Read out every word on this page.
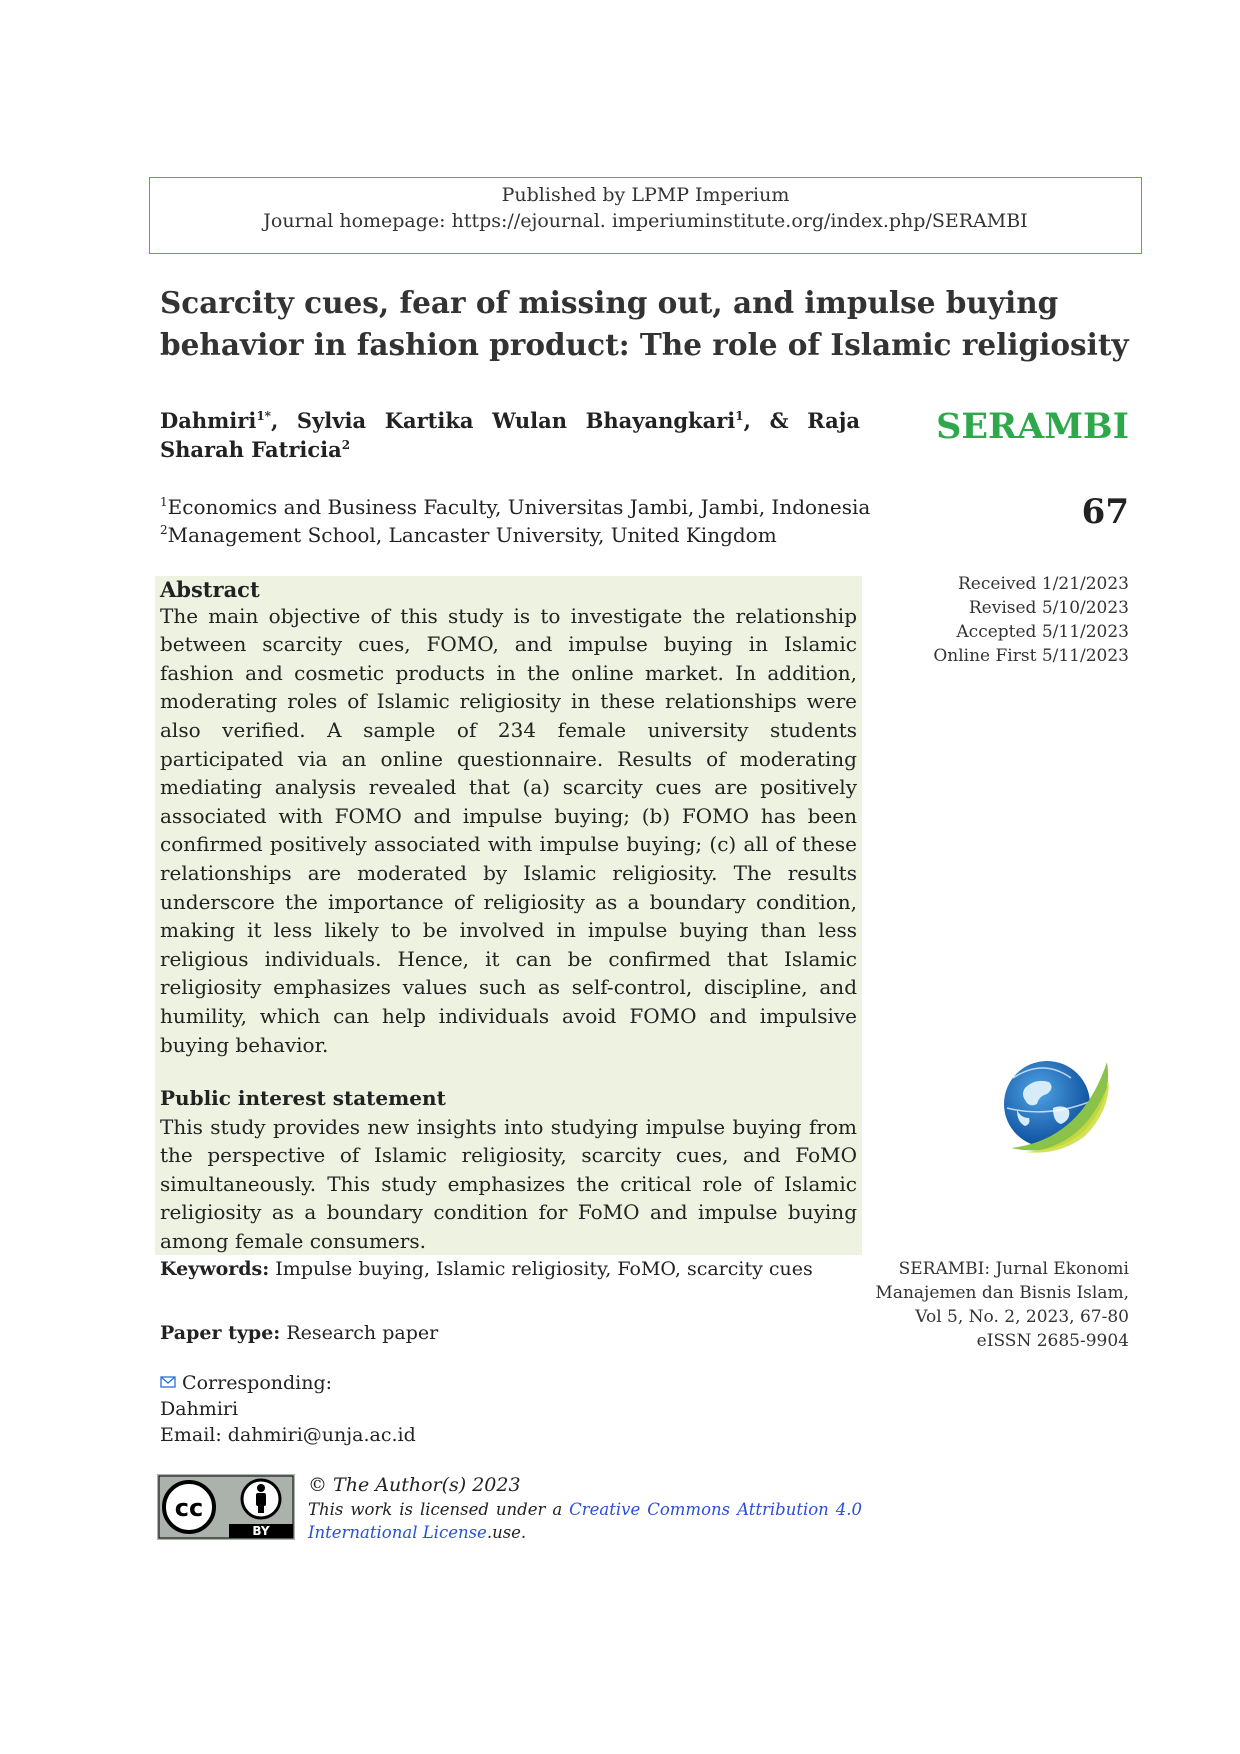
Published by LPMP Imperium
Journal homepage: https://ejournal. imperiuminstitute.org/index.php/SERAMBI
Scarcity cues, fear of missing out, and impulse buying behavior in fashion product: The role of Islamic religiosity
Dahmiri$^{1*}$, Sylvia Kartika Wulan Bhayangkari$^1$, & Raja
Sharah Fatricia$^2$
$^1$Economics and Business Faculty, Universitas Jambi, Jambi, Indonesia
$^2$Management School, Lancaster University, United Kingdom
SERAMBI
67
Received 1/21/2023
Revised 5/10/2023
Accepted 5/11/2023
Online First 5/11/2023
Abstract
The main objective of this study is to investigate the relationship between scarcity cues, FOMO, and impulse buying in Islamic fashion and cosmetic products in the online market. In addition, moderating roles of Islamic religiosity in these relationships were also verified. A sample of 234 female university students participated via an online questionnaire. Results of moderating mediating analysis revealed that (a) scarcity cues are positively associated with FOMO and impulse buying; (b) FOMO has been confirmed positively associated with impulse buying; (c) all of these relationships are moderated by Islamic religiosity. The results underscore the importance of religiosity as a boundary condition, making it less likely to be involved in impulse buying than less religious individuals. Hence, it can be confirmed that Islamic religiosity emphasizes values such as self-control, discipline, and humility, which can help individuals avoid FOMO and impulsive buying behavior.
Public interest statement
This study provides new insights into studying impulse buying from the perspective of Islamic religiosity, scarcity cues, and FoMO simultaneously. This study emphasizes the critical role of Islamic religiosity as a boundary condition for FoMO and impulse buying among female consumers.
SERAMBI: Jurnal Ekonomi
Manajemen dan Bisnis Islam,
Vol 5, No. 2, 2023, 67-80
eISSN 2685-9904
Keywords: Impulse buying, Islamic religiosity, FoMO, scarcity cues
Paper type: Research paper
Corresponding:
Dahmiri
Email: dahmiri@unja.ac.id
BY
cc
© The Author(s) 2023
This work is licensed under a Creative Commons Attribution 4.0 International License.use.
